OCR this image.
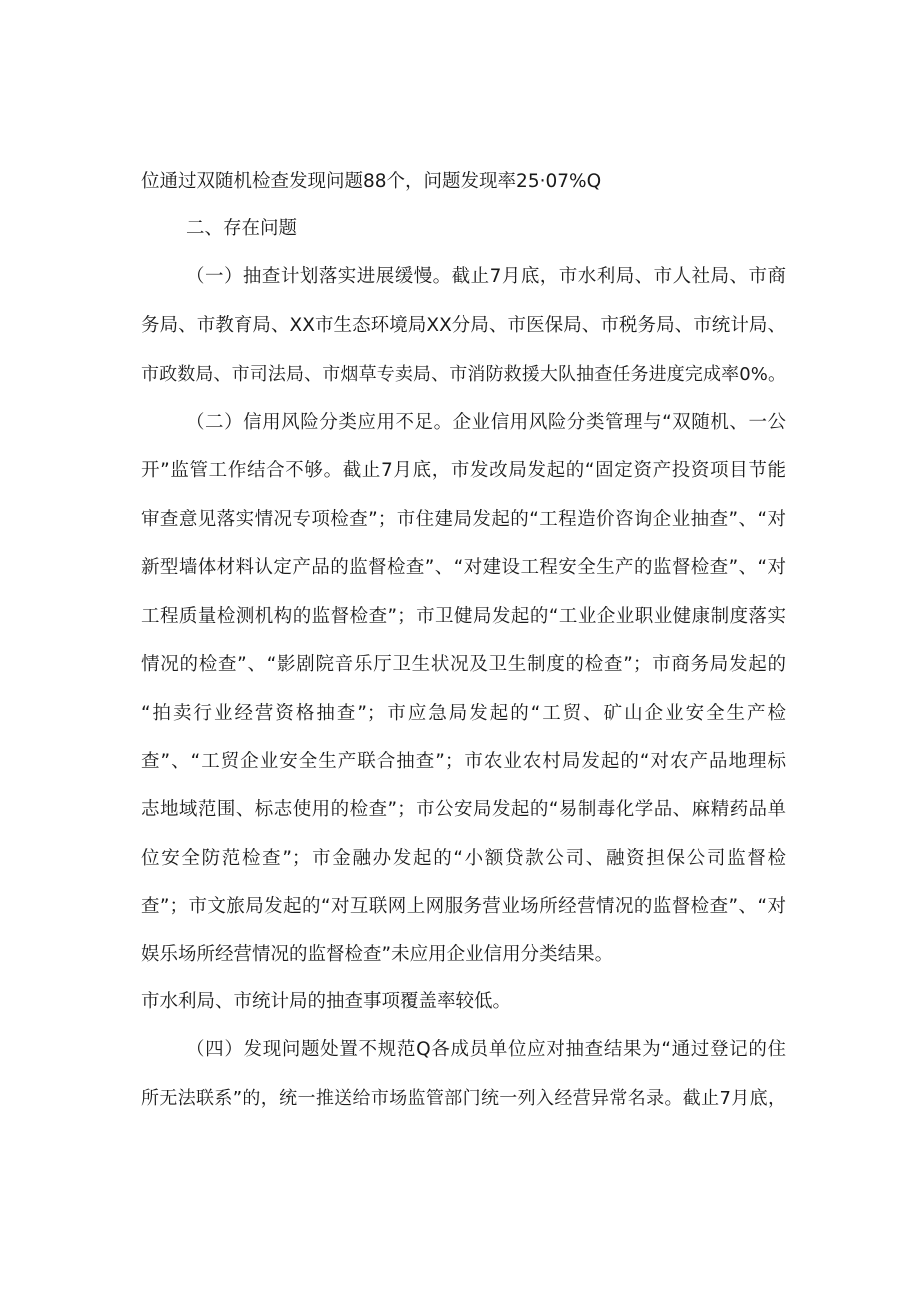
位通过双随机检查发现问题88个，问题发现率25·07%Q
二、存在问题
（一）抽查计划落实进展缓慢。截止7月底，市水利局、市人社局、市商
务局、市教育局、XX市生态环境局XX分局、市医保局、市税务局、市统计局、
市政数局、市司法局、市烟草专卖局、市消防救援大队抽查任务进度完成率0%。
（二）信用风险分类应用不足。企业信用风险分类管理与“双随机、一公
开”监管工作结合不够。截止7月底，市发改局发起的“固定资产投资项目节能
审查意见落实情况专项检查”；市住建局发起的“工程造价咨询企业抽查”、“对
新型墙体材料认定产品的监督检查”、“对建设工程安全生产的监督检查”、“对
工程质量检测机构的监督检查”；市卫健局发起的“工业企业职业健康制度落实
情况的检查”、“影剧院音乐厅卫生状况及卫生制度的检查”；市商务局发起的
“拍卖行业经营资格抽查”；市应急局发起的“工贸、矿山企业安全生产检
查”、“工贸企业安全生产联合抽查”；市农业农村局发起的“对农产品地理标
志地域范围、标志使用的检查”；市公安局发起的“易制毒化学品、麻精药品单
位安全防范检查”；市金融办发起的“小额贷款公司、融资担保公司监督检
查”；市文旅局发起的“对互联网上网服务营业场所经营情况的监督检查”、“对
娱乐场所经营情况的监督检查”未应用企业信用分类结果。
市水利局、市统计局的抽查事项覆盖率较低。
（四）发现问题处置不规范Q各成员单位应对抽查结果为“通过登记的住
所无法联系”的，统一推送给市场监管部门统一列入经营异常名录。截止7月底，
